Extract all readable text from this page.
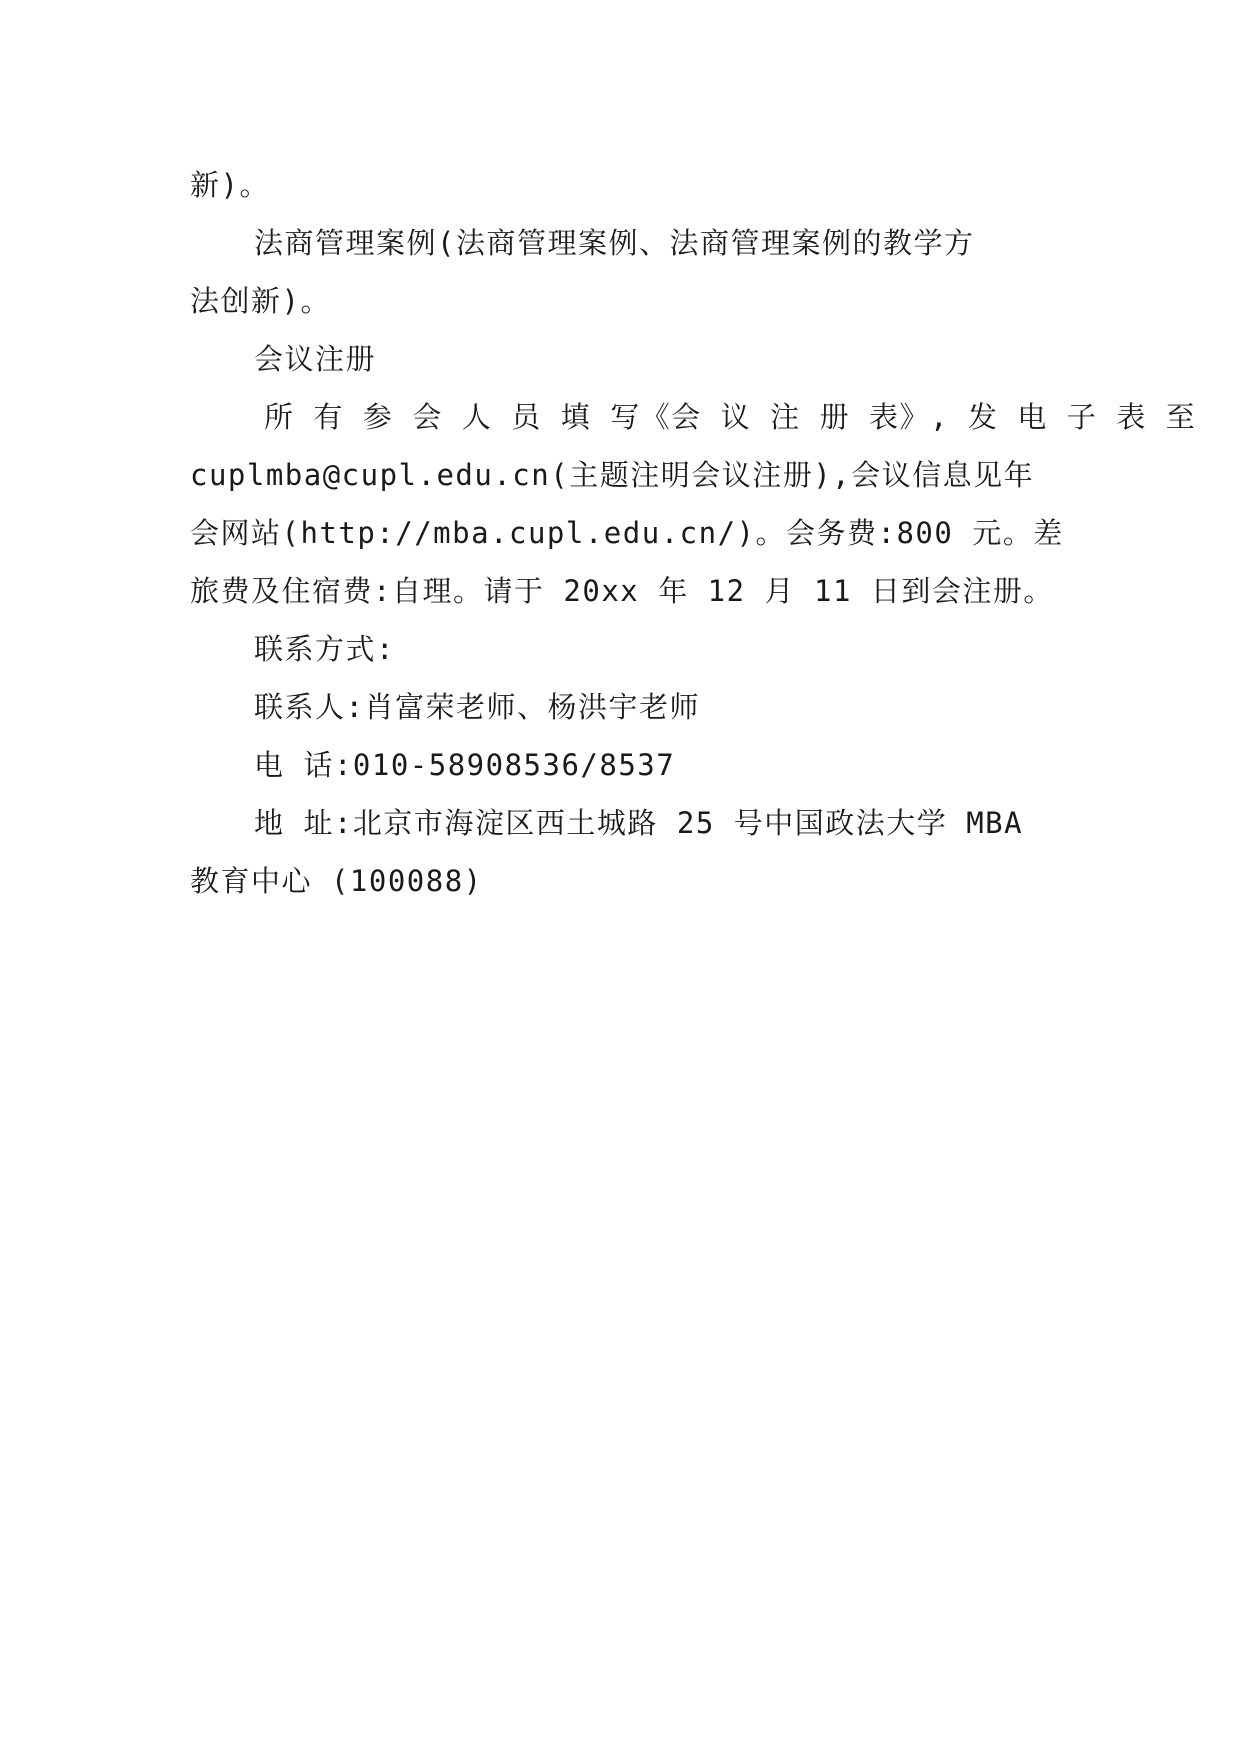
新)。

法商管理案例(法商管理案例、法商管理案例的教学方
法创新)。

会议注册

所 有 参 会 人 员 填 写《会 议 注 册 表》, 发 电 子 表 至
cuplmba@cupl.edu.cn(主题注明会议注册),会议信息见年
会网站(http://mba.cupl.edu.cn/)。会务费:800 元。差
旅费及住宿费:自理。请于 20xx 年 12 月 11 日到会注册。

联系方式:

联系人:肖富荣老师、杨洪宇老师

电 话:010-58908536/8537

地 址:北京市海淀区西土城路 25 号中国政法大学 MBA
教育中心 (100088)
